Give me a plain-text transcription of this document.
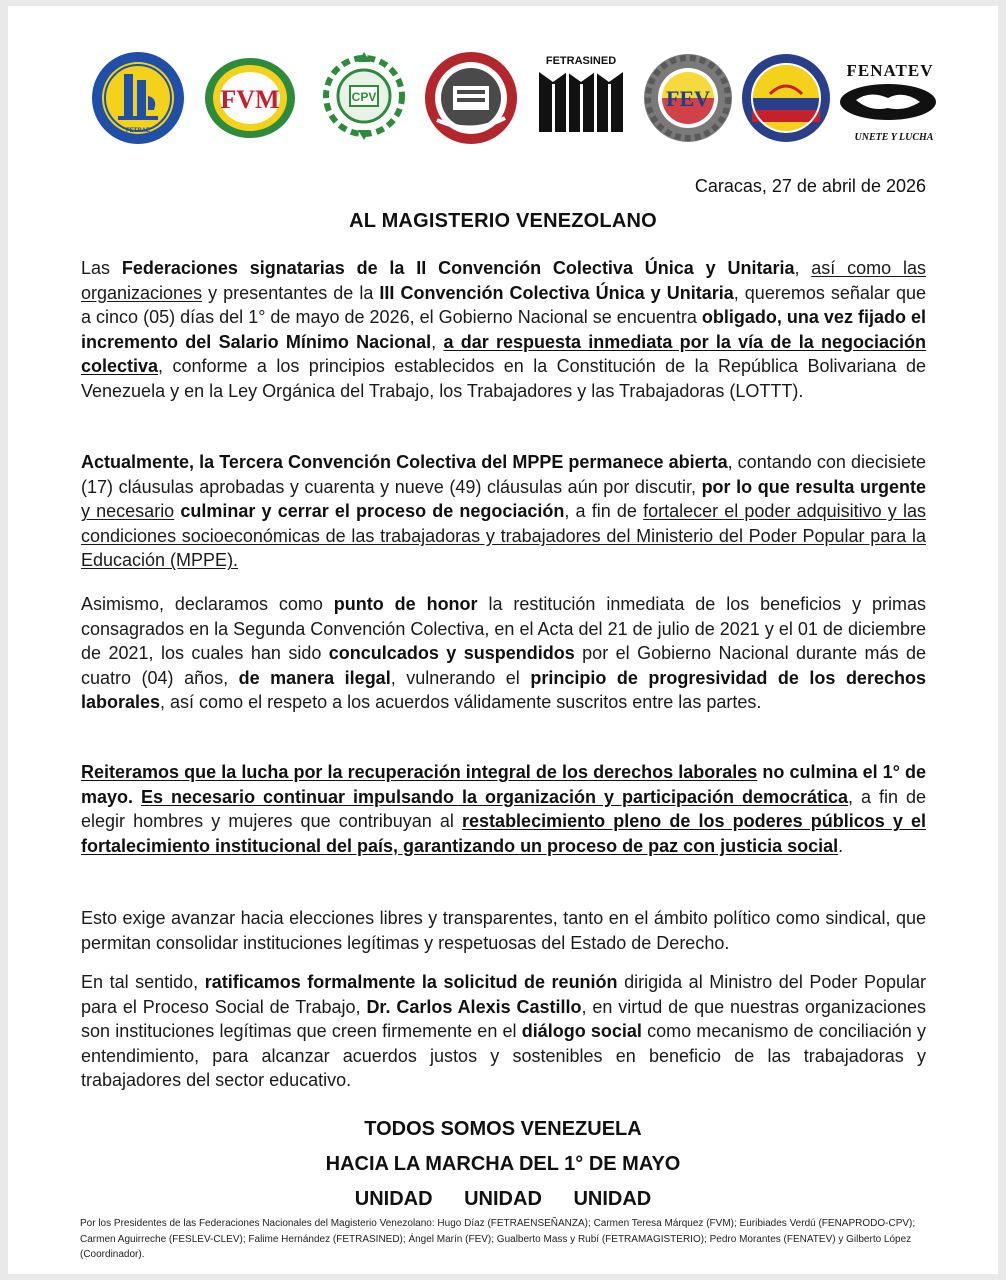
FETRAE
FVM	CPV
FETRASINED
FEV
FENATEV
UNETE Y LUCHA
Caracas, 27 de abril de 2026
AL MAGISTERIO VENEZOLANO
Las Federaciones signatarias de la II Convención Colectiva Única y Unitaria, así como las organizaciones y presentantes de la III Convención Colectiva Única y Unitaria, queremos señalar que a cinco (05) días del 1° de mayo de 2026, el Gobierno Nacional se encuentra obligado, una vez fijado el incremento del Salario Mínimo Nacional, a dar respuesta inmediata por la vía de la negociación colectiva, conforme a los principios establecidos en la Constitución de la República Bolivariana de Venezuela y en la Ley Orgánica del Trabajo, los Trabajadores y las Trabajadoras (LOTTT).
Actualmente, la Tercera Convención Colectiva del MPPE permanece abierta, contando con diecisiete (17) cláusulas aprobadas y cuarenta y nueve (49) cláusulas aún por discutir, por lo que resulta urgente y necesario culminar y cerrar el proceso de negociación, a fin de fortalecer el poder adquisitivo y las condiciones socioeconómicas de las trabajadoras y trabajadores del Ministerio del Poder Popular para la Educación (MPPE).
Asimismo, declaramos como punto de honor la restitución inmediata de los beneficios y primas consagrados en la Segunda Convención Colectiva, en el Acta del 21 de julio de 2021 y el 01 de diciembre de 2021, los cuales han sido conculcados y suspendidos por el Gobierno Nacional durante más de cuatro (04) años, de manera ilegal, vulnerando el principio de progresividad de los derechos laborales, así como el respeto a los acuerdos válidamente suscritos entre las partes.
Reiteramos que la lucha por la recuperación integral de los derechos laborales no culmina el 1° de mayo. Es necesario continuar impulsando la organización y participación democrática, a fin de elegir hombres y mujeres que contribuyan al restablecimiento pleno de los poderes públicos y el fortalecimiento institucional del país, garantizando un proceso de paz con justicia social.
Esto exige avanzar hacia elecciones libres y transparentes, tanto en el ámbito político como sindical, que permitan consolidar instituciones legítimas y respetuosas del Estado de Derecho.
En tal sentido, ratificamos formalmente la solicitud de reunión dirigida al Ministro del Poder Popular para el Proceso Social de Trabajo, Dr. Carlos Alexis Castillo, en virtud de que nuestras organizaciones son instituciones legítimas que creen firmemente en el diálogo social como mecanismo de conciliación y entendimiento, para alcanzar acuerdos justos y sostenibles en beneficio de las trabajadoras y trabajadores del sector educativo.
TODOS SOMOS VENEZUELA
HACIA LA MARCHA DEL 1° DE MAYO
UNIDAD UNIDAD UNIDAD
Por los Presidentes de las Federaciones Nacionales del Magisterio Venezolano: Hugo Díaz (FETRAENSEÑANZA); Carmen Teresa Márquez (FVM); Euribiades Verdú (FENAPRODO-CPV); Carmen Aguirreche (FESLEV-CLEV); Falime Hernández (FETRASINED); Ángel Marín (FEV); Gualberto Mass y Rubí (FETRAMAGISTERIO); Pedro Morantes (FENATEV) y Gilberto López (Coordinador).
